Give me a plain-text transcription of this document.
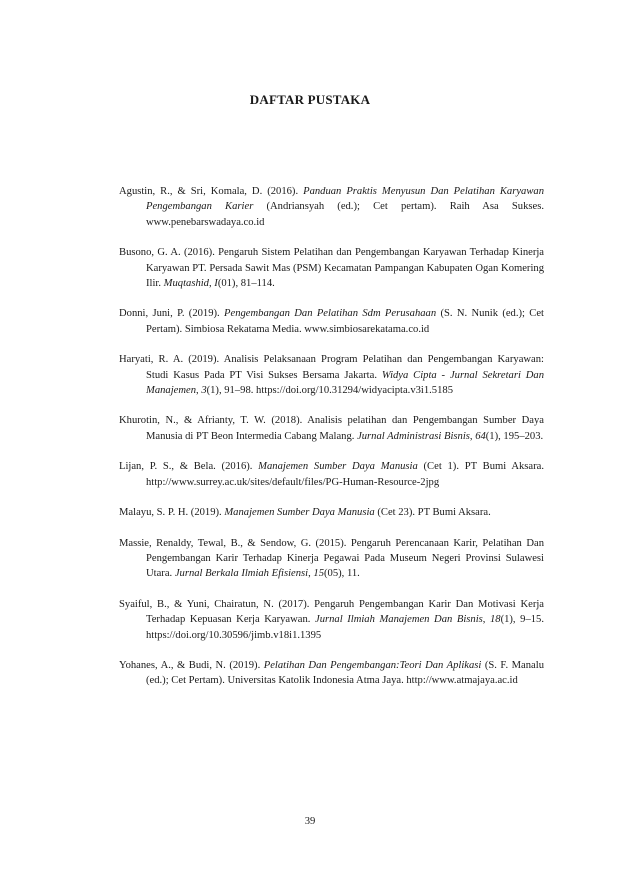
DAFTAR PUSTAKA
Agustin, R., & Sri, Komala, D. (2016). Panduan Praktis Menyusun Dan Pelatihan Karyawan Pengembangan Karier (Andriansyah (ed.); Cet pertam). Raih Asa Sukses. www.penebarswadaya.co.id
Busono, G. A. (2016). Pengaruh Sistem Pelatihan dan Pengembangan Karyawan Terhadap Kinerja Karyawan PT. Persada Sawit Mas (PSM) Kecamatan Pampangan Kabupaten Ogan Komering Ilir. Muqtashid, I(01), 81–114.
Donni, Juni, P. (2019). Pengembangan Dan Pelatihan Sdm Perusahaan (S. N. Nunik (ed.); Cet Pertam). Simbiosa Rekatama Media. www.simbiosarekatama.co.id
Haryati, R. A. (2019). Analisis Pelaksanaan Program Pelatihan dan Pengembangan Karyawan: Studi Kasus Pada PT Visi Sukses Bersama Jakarta. Widya Cipta - Jurnal Sekretari Dan Manajemen, 3(1), 91–98. https://doi.org/10.31294/widyacipta.v3i1.5185
Khurotin, N., & Afrianty, T. W. (2018). Analisis pelatihan dan Pengembangan Sumber Daya Manusia di PT Beon Intermedia Cabang Malang. Jurnal Administrasi Bisnis, 64(1), 195–203.
Lijan, P. S., & Bela. (2016). Manajemen Sumber Daya Manusia (Cet 1). PT Bumi Aksara. http://www.surrey.ac.uk/sites/default/files/PG-Human-Resource-2jpg
Malayu, S. P. H. (2019). Manajemen Sumber Daya Manusia (Cet 23). PT Bumi Aksara.
Massie, Renaldy, Tewal, B., & Sendow, G. (2015). Pengaruh Perencanaan Karir, Pelatihan Dan Pengembangan Karir Terhadap Kinerja Pegawai Pada Museum Negeri Provinsi Sulawesi Utara. Jurnal Berkala Ilmiah Efisiensi, 15(05), 11.
Syaiful, B., & Yuni, Chairatun, N. (2017). Pengaruh Pengembangan Karir Dan Motivasi Kerja Terhadap Kepuasan Kerja Karyawan. Jurnal Ilmiah Manajemen Dan Bisnis, 18(1), 9–15. https://doi.org/10.30596/jimb.v18i1.1395
Yohanes, A., & Budi, N. (2019). Pelatihan Dan Pengembangan:Teori Dan Aplikasi (S. F. Manalu (ed.); Cet Pertam). Universitas Katolik Indonesia Atma Jaya. http://www.atmajaya.ac.id
39
